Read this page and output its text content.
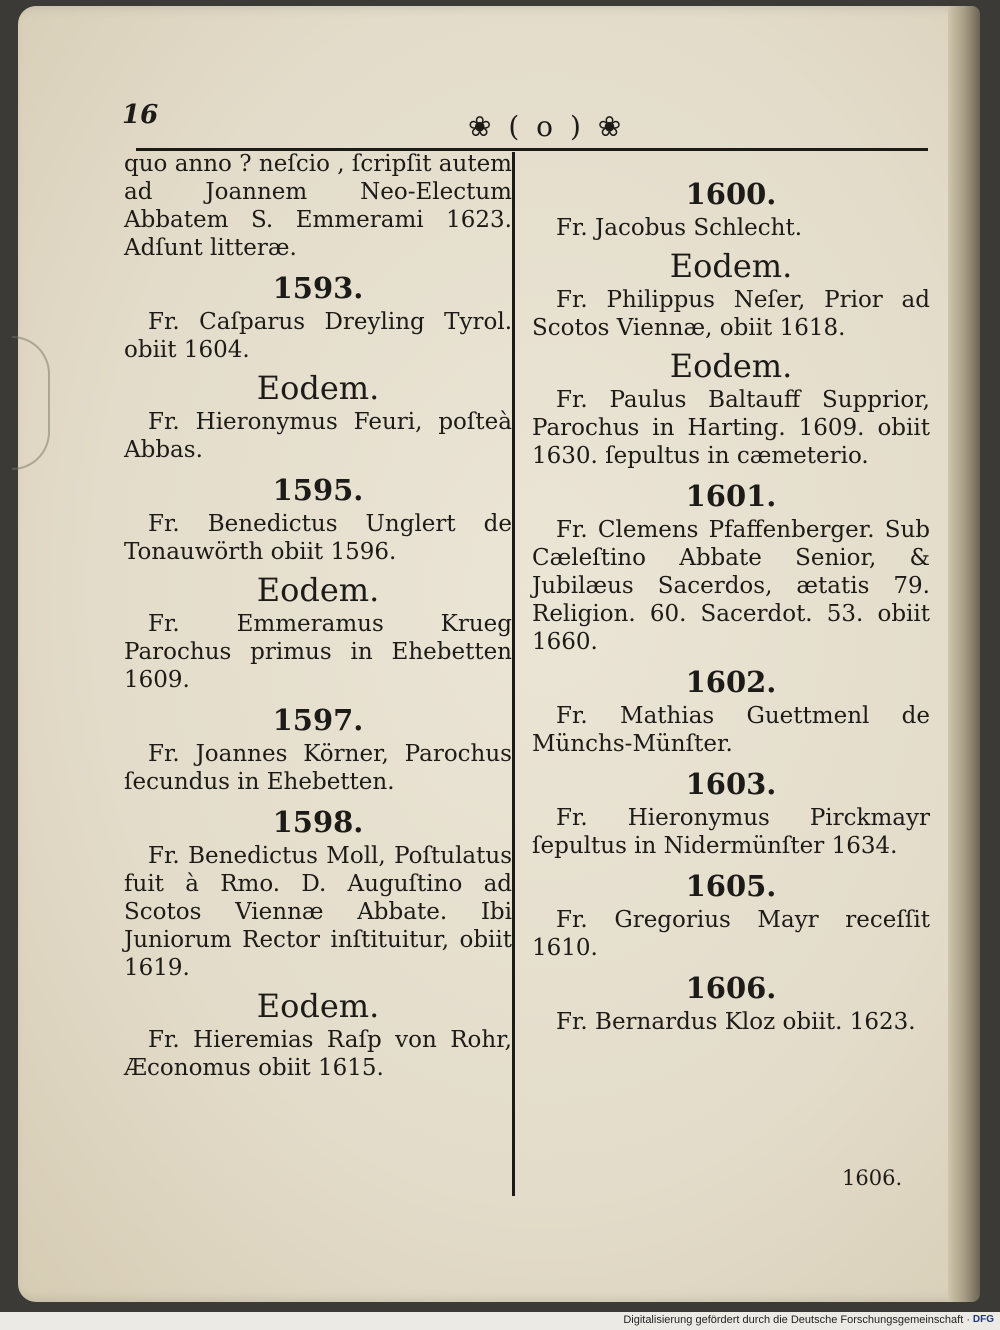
16	❀ ( o ) ❀
quo anno ? neſcio , ſcripſit autem ad Joannem Neo-Electum Abbatem S. Emmerami 1623. Adſunt litteræ.
1593.
Fr. Caſparus Dreyling Tyrol. obiit 1604.
Eodem.
Fr. Hieronymus Feuri, poſteà Abbas.
1595.
Fr. Benedictus Unglert de Tonauwörth obiit 1596.
Eodem.
Fr. Emmeramus Krueg Parochus primus in Ehebetten 1609.
1597.
Fr. Joannes Körner, Parochus ſecundus in Ehebetten.
1598.
Fr. Benedictus Moll, Poſtulatus fuit à Rmo. D. Auguſtino ad Scotos Viennæ Abbate. Ibi Juniorum Rector inſtituitur, obiit 1619.
Eodem.
Fr. Hieremias Raſp von Rohr, Æconomus obiit 1615.
1600.
Fr. Jacobus Schlecht.
Eodem.
Fr. Philippus Neſer, Prior ad Scotos Viennæ, obiit 1618.
Eodem.
Fr. Paulus Baltauff Supprior, Parochus in Harting. 1609. obiit 1630. ſepultus in cæmeterio.
1601.
Fr. Clemens Pfaffenberger. Sub Cæleſtino Abbate Senior, & Jubilæus Sacerdos, ætatis 79. Religion. 60. Sacerdot. 53. obiit 1660.
1602.
Fr. Mathias Guettmenl de Münchs-Münſter.
1603.
Fr. Hieronymus Pirckmayr ſepultus in Nidermünſter 1634.
1605.
Fr. Gregorius Mayr receſſit 1610.
1606.
Fr. Bernardus Kloz obiit. 1623.
1606.
Digitalisierung gefördert durch die Deutsche Forschungsgemeinschaft · DFG
